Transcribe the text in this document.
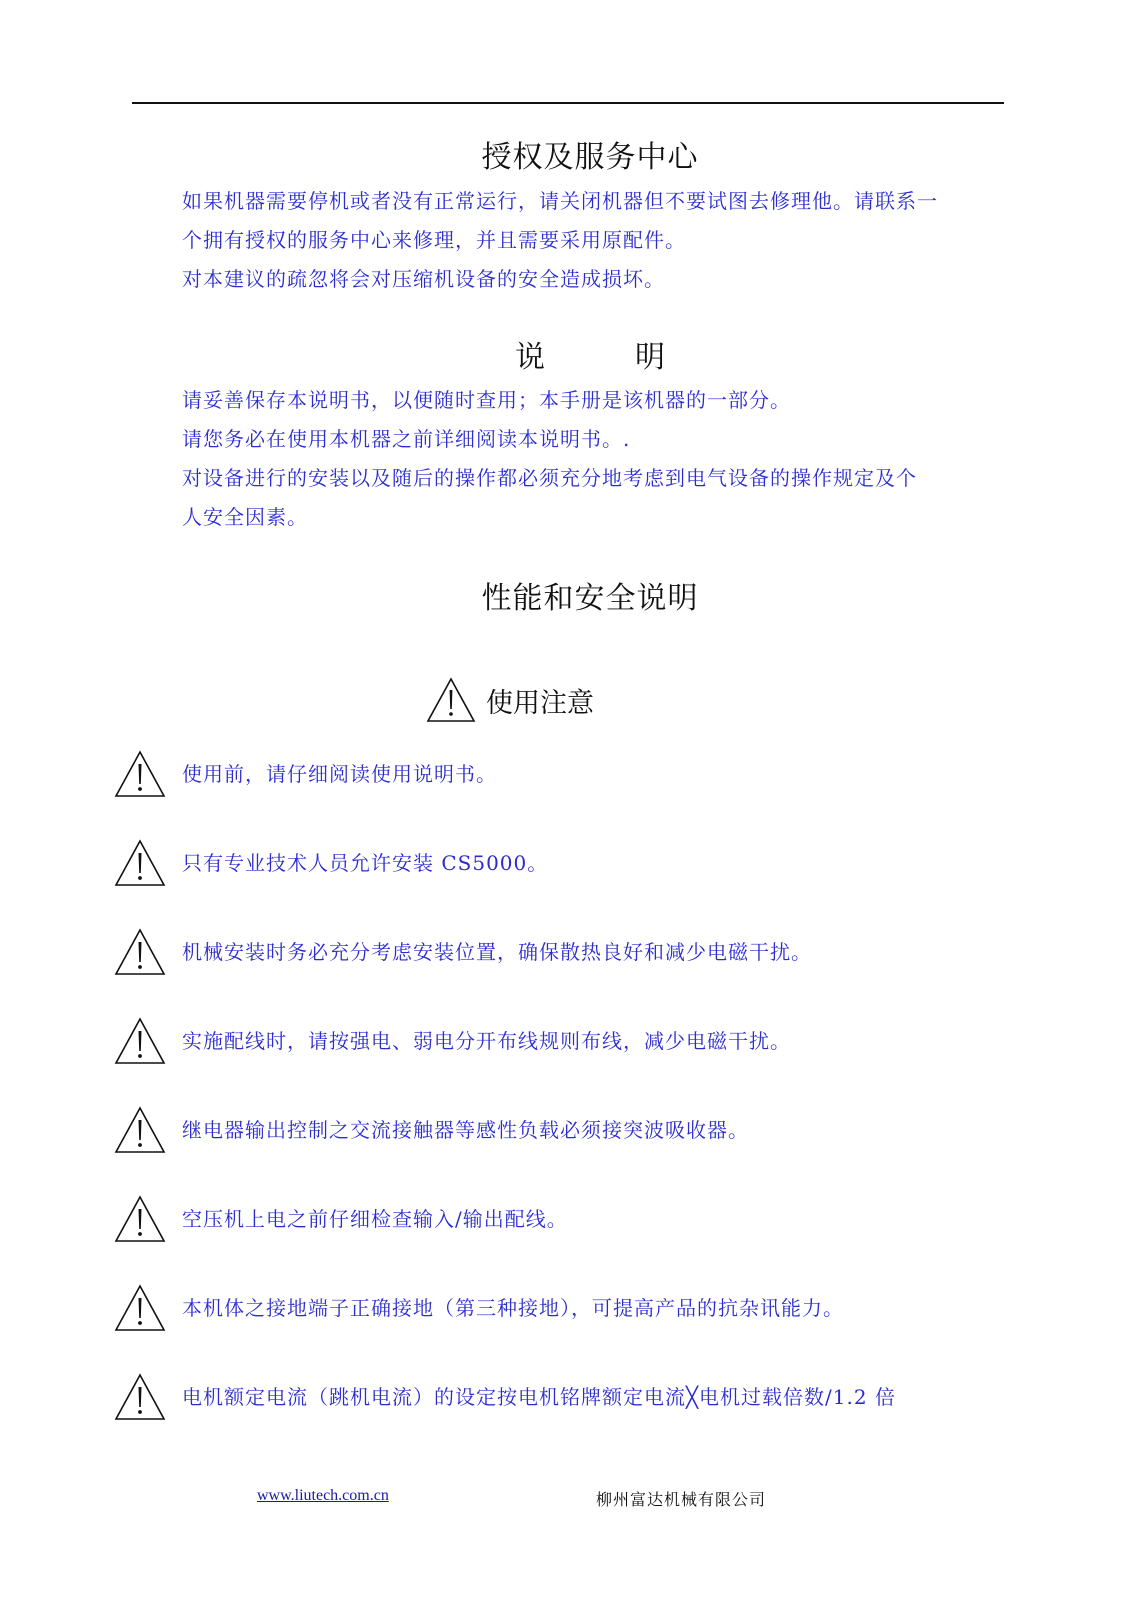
授权及服务中心

如果机器需要停机或者没有正常运行，请关闭机器但不要试图去修理他。请联系一

个拥有授权的服务中心来修理，并且需要采用原配件。

对本建议的疏忽将会对压缩机设备的安全造成损坏。

说明

请妥善保存本说明书，以便随时查用；本手册是该机器的一部分。

请您务必在使用本机器之前详细阅读本说明书。.

对设备进行的安装以及随后的操作都必须充分地考虑到电气设备的操作规定及个

人安全因素。

性能和安全说明
使用注意
使用前，请仔细阅读使用说明书。
只有专业技术人员允许安装 CS5000。
机械安装时务必充分考虑安装位置，确保散热良好和减少电磁干扰。
实施配线时，请按强电、弱电分开布线规则布线，减少电磁干扰。
继电器输出控制之交流接触器等感性负载必须接突波吸收器。
空压机上电之前仔细检查输入/输出配线。
本机体之接地端子正确接地（第三种接地），可提高产品的抗杂讯能力。
电机额定电流（跳机电流）的设定按电机铭牌额定电流╳电机过载倍数/1.2 倍
www.liutech.com.cn	柳州富达机械有限公司
